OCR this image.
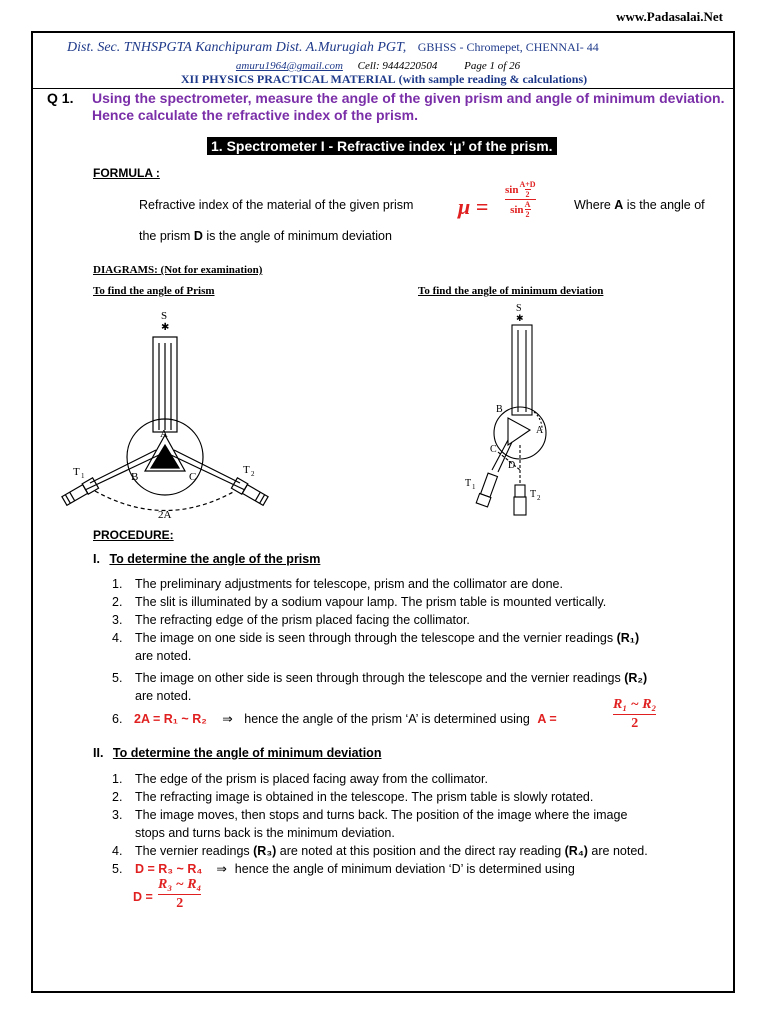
www.Padasalai.Net
Dist. Sec. TNHSPGTA Kanchipuram Dist. A.Murugiah PGT, GBHSS - Chromepet, CHENNAI- 44
amuru1964@gmail.com Cell: 9444220504 Page 1 of 26
XII PHYSICS PRACTICAL MATERIAL (with sample reading & calculations)
Q 1. Using the spectrometer, measure the angle of the given prism and angle of minimum deviation. Hence calculate the refractive index of the prism.
1. Spectrometer I - Refractive index ‘μ’ of the prism.
FORMULA :
Refractive index of the material of the given prism μ =
sin A+D
2
sin A
2
Where A is the angle of
the prism D is the angle of minimum deviation
DIAGRAMS: (Not for examination)
To find the angle of Prism	To find the angle of minimum deviation
S
✱
A
B	C
T 1	T 2
2A
S
✱
B
A
C
D
T 1
T 2
PROCEDURE:
I. To determine the angle of the prism
1.	The preliminary adjustments for telescope, prism and the collimator are done.
2.	The slit is illuminated by a sodium vapour lamp. The prism table is mounted vertically.
3.	The refracting edge of the prism placed facing the collimator.
4.	The image on one side is seen through through the telescope and the vernier readings (R₁)
are noted.
5.	The image on other side is seen through through the telescope and the vernier readings (R₂)
are noted.
6. 2A = R₁ ~ R₂ ⇒ hence the angle of the prism ‘A’ is determined using A =
R₁ ~ R₂
2
II. To determine the angle of minimum deviation
1.	The edge of the prism is placed facing away from the collimator.
2.	The refracting image is obtained in the telescope. The prism table is slowly rotated.
3.	The image moves, then stops and turns back. The position of the image where the image
stops and turns back is the minimum deviation.
4.	The vernier readings (R₃) are noted at this position and the direct ray reading (R₄) are noted.
5.	D = R₃ ~ R₄ ⇒ hence the angle of minimum deviation ‘D’ is determined using
D =
R₃ ~ R₄
2
